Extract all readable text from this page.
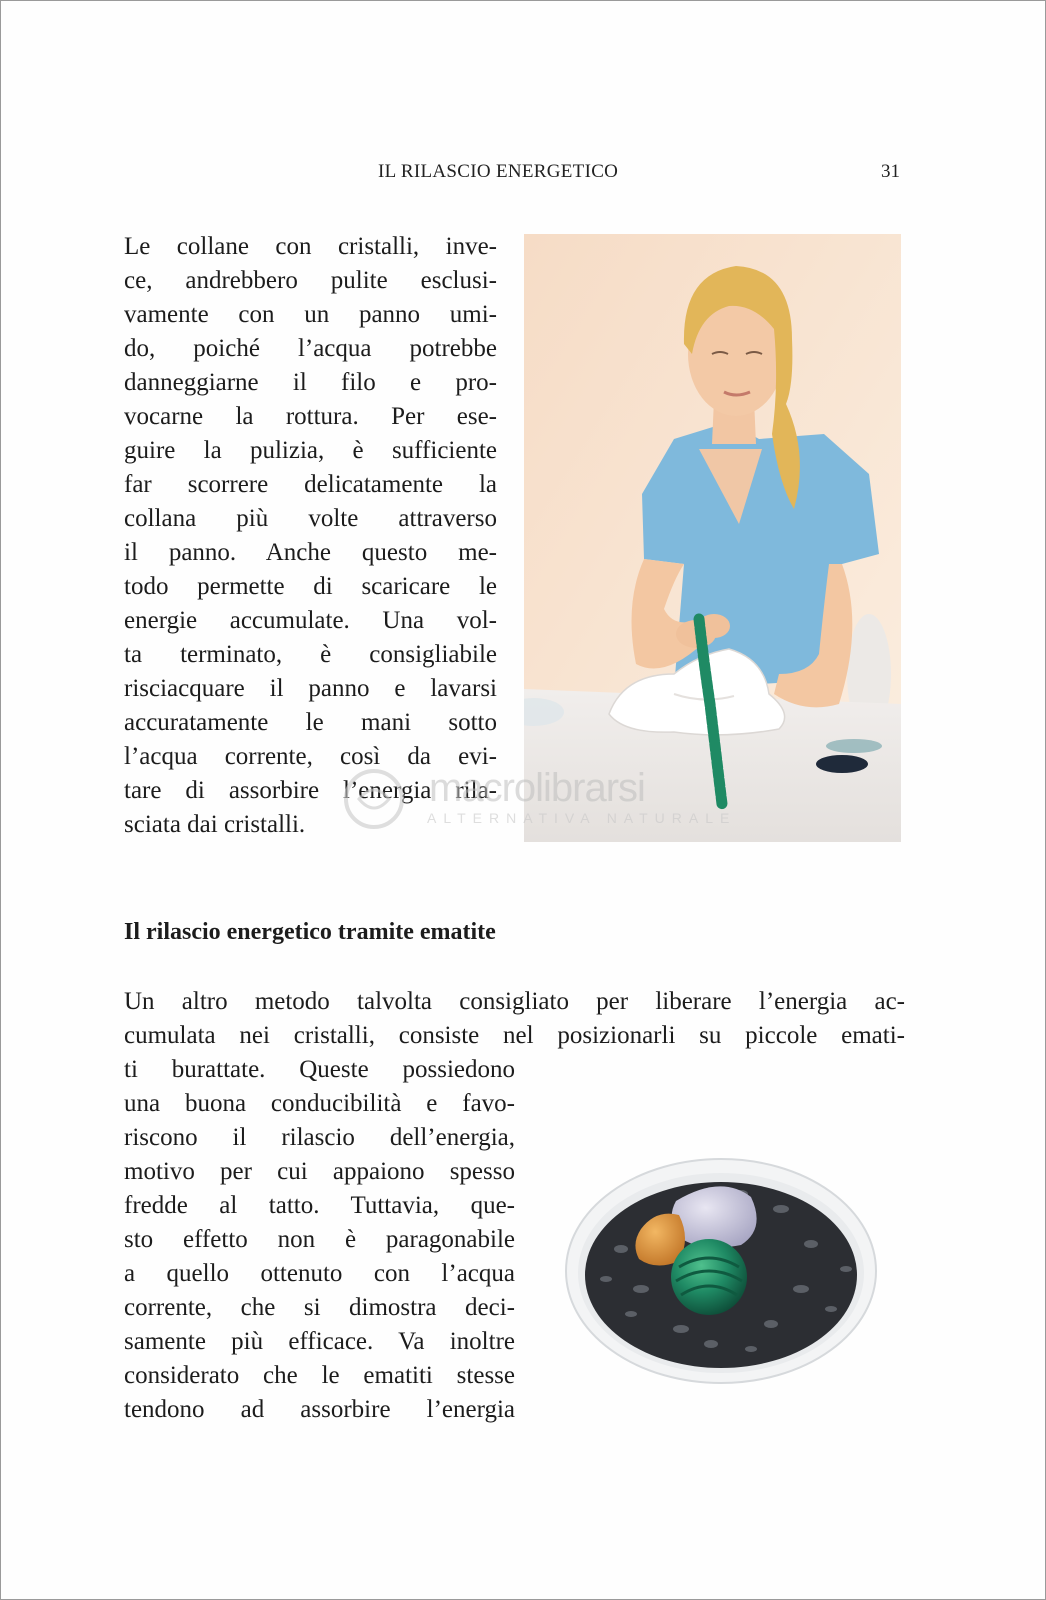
IL RILASCIO ENERGETICO	31
Le collane con cristalli, inve-
ce, andrebbero pulite esclusi-
vamente con un panno umi-
do, poiché l’acqua potrebbe
danneggiarne il filo e pro-
vocarne la rottura. Per ese-
guire la pulizia, è sufficiente
far scorrere delicatamente la
collana più volte attraverso
il panno. Anche questo me-
todo permette di scaricare le
energie accumulate. Una vol-
ta terminato, è consigliabile
risciacquare il panno e lavarsi
accuratamente le mani sotto
l’acqua corrente, così da evi-
tare di assorbire l’energia rila-
sciata dai cristalli.
macrolibrarsi
ALTERNATIVA NATURALE
Il rilascio energetico tramite ematite
Un altro metodo talvolta consigliato per liberare l’energia ac-
cumulata nei cristalli, consiste nel posizionarli su piccole emati-
ti burattate. Queste possiedono
una buona conducibilità e favo-
riscono il rilascio dell’energia,
motivo per cui appaiono spesso
fredde al tatto. Tuttavia, que-
sto effetto non è paragonabile
a quello ottenuto con l’acqua
corrente, che si dimostra deci-
samente più efficace. Va inoltre
considerato che le ematiti stesse
tendono ad assorbire l’energia
